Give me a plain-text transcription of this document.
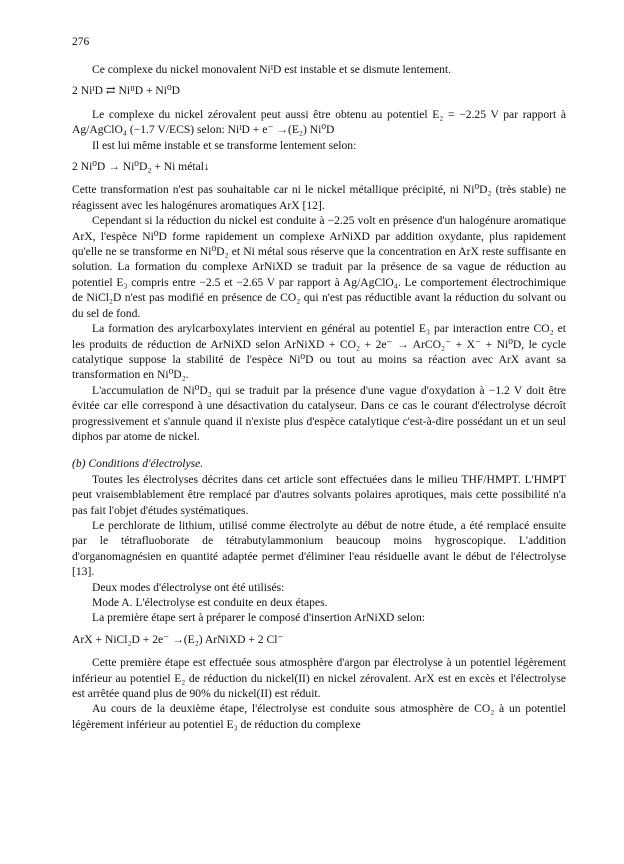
276

Ce complexe du nickel monovalent NiᴵD est instable et se dismute lentement.

2 NiᴵD ⇄ NiᴵᴵD + Ni⁰D

Le complexe du nickel zérovalent peut aussi être obtenu au potentiel E₂ = −2.25 V par rapport à Ag/AgClO₄ (−1.7 V/ECS) selon: NiᴵD + e⁻ →(E₂) Ni⁰D

Il est lui même instable et se transforme lentement selon:

2 Ni⁰D → Ni⁰D₂ + Ni métal↓

Cette transformation n'est pas souhaitable car ni le nickel métallique précipité, ni Ni⁰D₂ (très stable) ne réagissent avec les halogénures aromatiques ArX [12].

Cependant si la réduction du nickel est conduite à −2.25 volt en présence d'un halogénure aromatique ArX, l'espèce Ni⁰D forme rapidement un complexe ArNiXD par addition oxydante, plus rapidement qu'elle ne se transforme en Ni⁰D₂ et Ni métal sous réserve que la concentration en ArX reste suffisante en solution. La formation du complexe ArNiXD se traduit par la présence de sa vague de réduction au potentiel E₃ compris entre −2.5 et −2.65 V par rapport à Ag/AgClO₄. Le comportement électrochimique de NiCl₂D n'est pas modifié en présence de CO₂ qui n'est pas réductible avant la réduction du solvant ou du sel de fond.

La formation des arylcarboxylates intervient en général au potentiel E₃ par interaction entre CO₂ et les produits de réduction de ArNiXD selon ArNiXD + CO₂ + 2e⁻ → ArCO₂⁻ + X⁻ + Ni⁰D, le cycle catalytique suppose la stabilité de l'espèce Ni⁰D ou tout au moins sa réaction avec ArX avant sa transformation en Ni⁰D₂.

L'accumulation de Ni⁰D₂ qui se traduit par la présence d'une vague d'oxydation à −1.2 V doit être évitée car elle correspond à une désactivation du catalyseur. Dans ce cas le courant d'électrolyse décroît progressivement et s'annule quand il n'existe plus d'espèce catalytique c'est-à-dire possédant un et un seul diphos par atome de nickel.

(b) Conditions d'électrolyse.

Toutes les électrolyses décrites dans cet article sont effectuées dans le milieu THF/HMPT. L'HMPT peut vraisemblablement être remplacé par d'autres solvants polaires aprotiques, mais cette possibilité n'a pas fait l'objet d'études systématiques.

Le perchlorate de lithium, utilisé comme électrolyte au début de notre étude, a été remplacé ensuite par le tétrafluoborate de tétrabutylammonium beaucoup moins hygroscopique. L'addition d'organomagnésien en quantité adaptée permet d'éliminer l'eau résiduelle avant le début de l'électrolyse [13].

Deux modes d'électrolyse ont été utilisés:

Mode A. L'électrolyse est conduite en deux étapes.

La première étape sert à préparer le composé d'insertion ArNiXD selon:

ArX + NiCl₂D + 2e⁻ →(E₂) ArNiXD + 2 Cl⁻

Cette première étape est effectuée sous atmosphère d'argon par électrolyse à un potentiel légèrement inférieur au potentiel E₂ de réduction du nickel(II) en nickel zérovalent. ArX est en excès et l'électrolyse est arrêtée quand plus de 90% du nickel(II) est réduit.

Au cours de la deuxième étape, l'électrolyse est conduite sous atmosphère de CO₂ à un potentiel légèrement inférieur au potentiel E₃ de réduction du complexe
